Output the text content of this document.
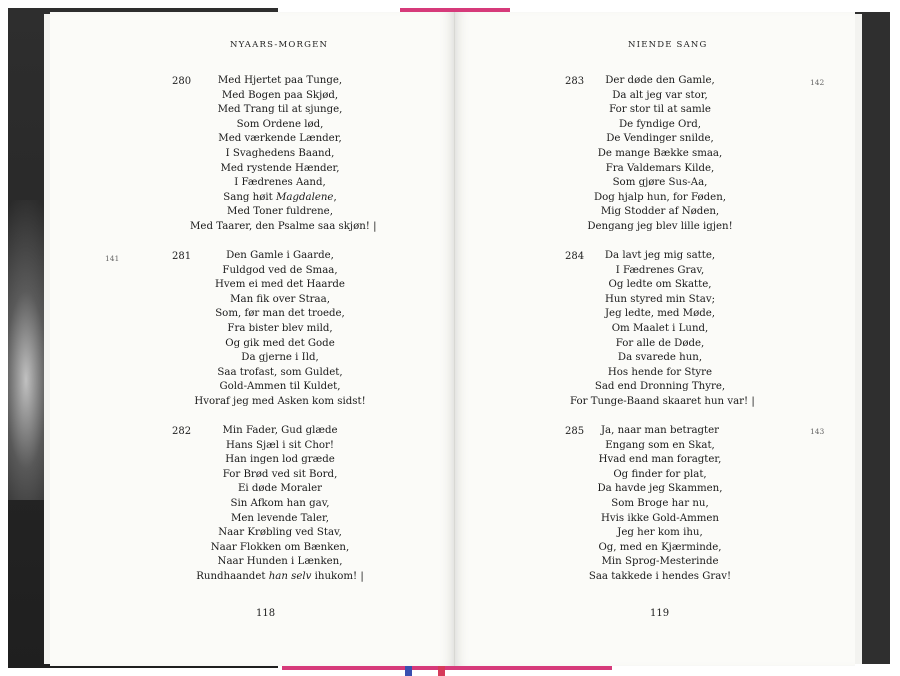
NYAARS-MORGEN
141
280	Med Hjertet paa Tunge,
Med Bogen paa Skjød,
Med Trang til at sjunge,
Som Ordene lød,
Med værkende Lænder,
I Svaghedens Baand,
Med rystende Hænder,
I Fædrenes Aand,
Sang høit Magdalene,
Med Toner fuldrene,
Med Taarer, den Psalme saa skjøn! |
281	Den Gamle i Gaarde,
Fuldgod ved de Smaa,
Hvem ei med det Haarde
Man fik over Straa,
Som, før man det troede,
Fra bister blev mild,
Og gik med det Gode
Da gjerne i Ild,
Saa trofast, som Guldet,
Gold-Ammen til Kuldet,
Hvoraf jeg med Asken kom sidst!
282	Min Fader, Gud glæde
Hans Sjæl i sit Chor!
Han ingen lod græde
For Brød ved sit Bord,
Ei døde Moraler
Sin Afkom han gav,
Men levende Taler,
Naar Krøbling ved Stav,
Naar Flokken om Bænken,
Naar Hunden i Lænken,
Rundhaandet han selv ihukom! |
118
NIENDE SANG
142
143
283	Der døde den Gamle,
Da alt jeg var stor,
For stor til at samle
De fyndige Ord,
De Vendinger snilde,
De mange Bække smaa,
Fra Valdemars Kilde,
Som gjøre Sus-Aa,
Dog hjalp hun, for Føden,
Mig Stodder af Nøden,
Dengang jeg blev lille igjen!
284	Da lavt jeg mig satte,
I Fædrenes Grav,
Og ledte om Skatte,
Hun styred min Stav;
Jeg ledte, med Møde,
Om Maalet i Lund,
For alle de Døde,
Da svarede hun,
Hos hende for Styre
Sad end Dronning Thyre,
For Tunge-Baand skaaret hun var! |
285	Ja, naar man betragter
Engang som en Skat,
Hvad end man foragter,
Og finder for plat,
Da havde jeg Skammen,
Som Broge har nu,
Hvis ikke Gold-Ammen
Jeg her kom ihu,
Og, med en Kjærminde,
Min Sprog-Mesterinde
Saa takkede i hendes Grav!
119
